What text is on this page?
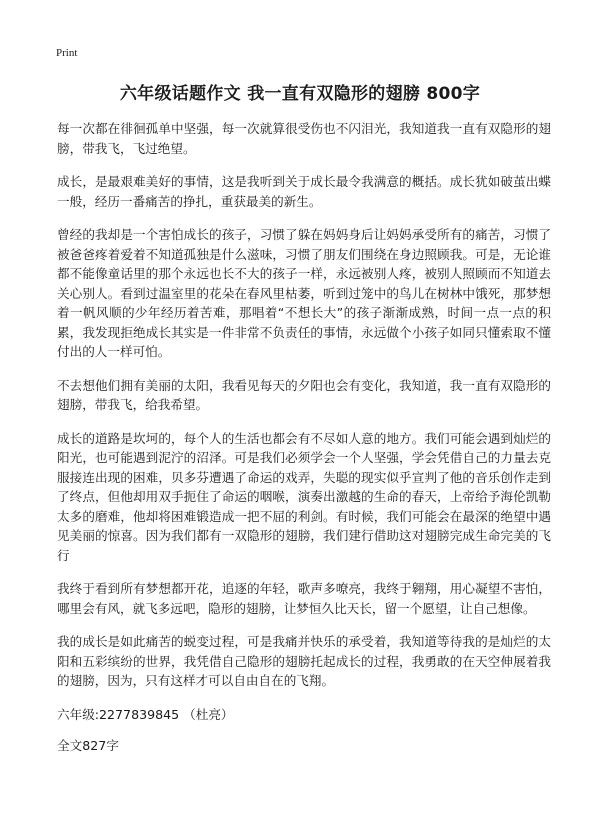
Print
六年级话题作文 我一直有双隐形的翅膀 800字

每一次都在徘徊孤单中坚强，每一次就算很受伤也不闪泪光，我知道我一直有双隐形的翅膀，带我飞，飞过绝望。

成长，是最艰难美好的事情，这是我听到关于成长最令我满意的概括。成长犹如破茧出蝶一般，经历一番痛苦的挣扎，重获最美的新生。

曾经的我却是一个害怕成长的孩子，习惯了躲在妈妈身后让妈妈承受所有的痛苦，习惯了被爸爸疼着爱着不知道孤独是什么滋味，习惯了朋友们围绕在身边照顾我。可是，无论谁都不能像童话里的那个永远也长不大的孩子一样，永远被别人疼，被别人照顾而不知道去关心别人。看到过温室里的花朵在春风里枯萎，听到过笼中的鸟儿在树林中饿死，那梦想着一帆风顺的少年经历着苦难，那唱着“不想长大”的孩子渐渐成熟，时间一点一点的积累，我发现拒绝成长其实是一件非常不负责任的事情，永远做个小孩子如同只懂索取不懂付出的人一样可怕。

不去想他们拥有美丽的太阳，我看见每天的夕阳也会有变化，我知道，我一直有双隐形的翅膀，带我飞，给我希望。

成长的道路是坎坷的，每个人的生活也都会有不尽如人意的地方。我们可能会遇到灿烂的阳光，也可能遇到泥泞的沼泽。可是我们必须学会一个人坚强，学会凭借自己的力量去克服接连出现的困难，贝多芬遭遇了命运的戏弄，失聪的现实似乎宣判了他的音乐创作走到了终点，但他却用双手扼住了命运的咽喉，演奏出激越的生命的春天，上帝给予海伦凯勒太多的磨难，他却将困难锻造成一把不屈的利剑。有时候，我们可能会在最深的绝望中遇见美丽的惊喜。因为我们都有一双隐形的翅膀，我们建行借助这对翅膀完成生命完美的飞行

我终于看到所有梦想都开花，追逐的年轻，歌声多嘹亮，我终于翱翔，用心凝望不害怕，哪里会有风，就飞多远吧，隐形的翅膀，让梦恒久比天长，留一个愿望，让自己想像。

我的成长是如此痛苦的蜕变过程，可是我痛并快乐的承受着，我知道等待我的是灿烂的太阳和五彩缤纷的世界，我凭借自己隐形的翅膀托起成长的过程，我勇敢的在天空伸展着我的翅膀，因为，只有这样才可以自由自在的飞翔。

六年级:2277839845 （杜亮）
全文827字
